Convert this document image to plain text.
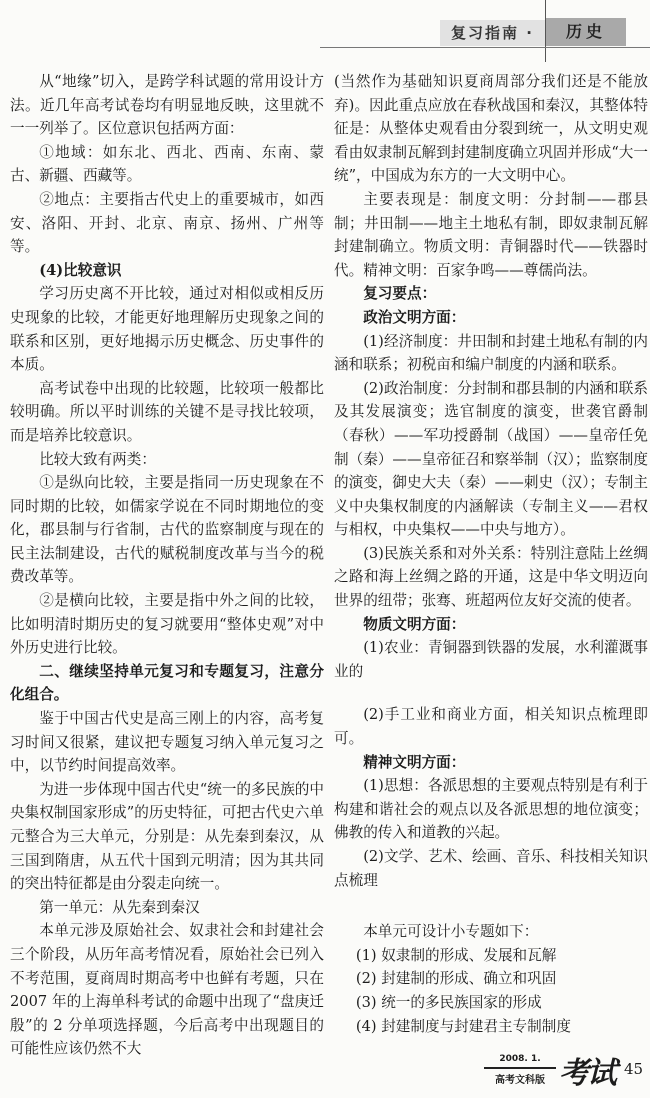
复习指南 ·	历史

从“地缘”切入，是跨学科试题的常用设计方法。近几年高考试卷均有明显地反映，这里就不一一列举了。区位意识包括两方面：

①地域：如东北、西北、西南、东南、蒙古、新疆、西藏等。

②地点：主要指古代史上的重要城市，如西安、洛阳、开封、北京、南京、扬州、广州等等。

(4)比较意识

学习历史离不开比较，通过对相似或相反历史现象的比较，才能更好地理解历史现象之间的联系和区别，更好地揭示历史概念、历史事件的本质。

高考试卷中出现的比较题，比较项一般都比较明确。所以平时训练的关键不是寻找比较项，而是培养比较意识。

比较大致有两类：

①是纵向比较，主要是指同一历史现象在不同时期的比较，如儒家学说在不同时期地位的变化，郡县制与行省制，古代的监察制度与现在的民主法制建设，古代的赋税制度改革与当今的税费改革等。

②是横向比较，主要是指中外之间的比较，比如明清时期历史的复习就要用“整体史观”对中外历史进行比较。

二、继续坚持单元复习和专题复习，注意分化组合。

鉴于中国古代史是高三刚上的内容，高考复习时间又很紧，建议把专题复习纳入单元复习之中，以节约时间提高效率。

为进一步体现中国古代史“统一的多民族的中央集权制国家形成”的历史特征，可把古代史六单元整合为三大单元，分别是：从先秦到秦汉，从三国到隋唐，从五代十国到元明清；因为其共同的突出特征都是由分裂走向统一。

第一单元：从先秦到秦汉

本单元涉及原始社会、奴隶社会和封建社会三个阶段，从历年高考情况看，原始社会已列入不考范围，夏商周时期高考中也鲜有考题，只在 2007 年的上海单科考试的命题中出现了“盘庚迁殷”的 2 分单项选择题，今后高考中出现题目的可能性应该仍然不大

(当然作为基础知识夏商周部分我们还是不能放弃)。因此重点应放在春秋战国和秦汉，其整体特征是：从整体史观看由分裂到统一，从文明史观看由奴隶制瓦解到封建制度确立巩固并形成“大一统”，中国成为东方的一大文明中心。

主要表现是：制度文明：分封制——郡县制；井田制——地主土地私有制，即奴隶制瓦解封建制确立。物质文明：青铜器时代——铁器时代。精神文明：百家争鸣——尊儒尚法。

复习要点：

政治文明方面：

(1)经济制度：井田制和封建土地私有制的内涵和联系；初税亩和编户制度的内涵和联系。

(2)政治制度：分封制和郡县制的内涵和联系及其发展演变；选官制度的演变，世袭官爵制（春秋）——军功授爵制（战国）——皇帝任免制（秦）——皇帝征召和察举制（汉）；监察制度的演变，御史大夫（秦）——刺史（汉）；专制主义中央集权制度的内涵解读（专制主义——君权与相权，中央集权——中央与地方）。

(3)民族关系和对外关系：特别注意陆上丝绸之路和海上丝绸之路的开通，这是中华文明迈向世界的纽带；张骞、班超两位友好交流的使者。

物质文明方面：

(1)农业：青铜器到铁器的发展，水利灌溉事业的

(2)手工业和商业方面，相关知识点梳理即可。

精神文明方面：

(1)思想：各派思想的主要观点特别是有利于构建和谐社会的观点以及各派思想的地位演变；佛教的传入和道教的兴起。

(2)文学、艺术、绘画、音乐、科技相关知识点梳理

本单元可设计小专题如下：

(1) 奴隶制的形成、发展和瓦解

(2) 封建制的形成、确立和巩固

(3) 统一的多民族国家的形成

(4) 封建制度与封建君主专制制度

2008. 1.
高考文科版 考试 45
